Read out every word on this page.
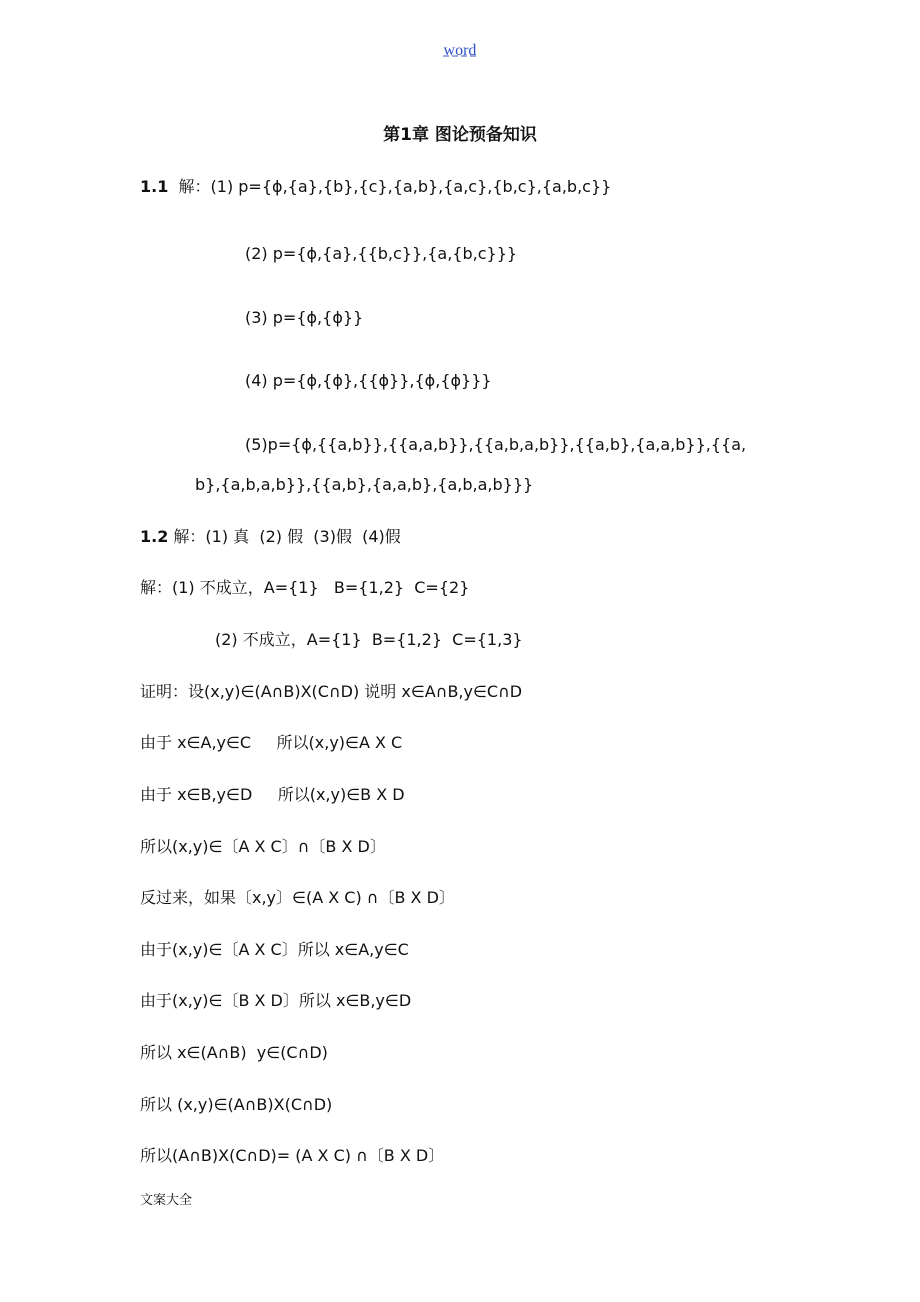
word
第1章 图论预备知识

1.1  解：(1) p={ϕ,{a},{b},{c},{a,b},{a,c},{b,c},{a,b,c}}

(2) p={ϕ,{a},{{b,c}},{a,{b,c}}}

(3) p={ϕ,{ϕ}}

(4) p={ϕ,{ϕ},{{ϕ}},{ϕ,{ϕ}}}

(5)p={ϕ,{{a,b}},{{a,a,b}},{{a,b,a,b}},{{a,b},{a,a,b}},{{a,

b},{a,b,a,b}},{{a,b},{a,a,b},{a,b,a,b}}}

1.2 解：(1) 真  (2) 假  (3)假  (4)假

解：(1) 不成立，A={1}   B={1,2}  C={2}

(2) 不成立，A={1}  B={1,2}  C={1,3}

证明：设(x,y)∈(A∩B)X(C∩D) 说明 x∈A∩B,y∈C∩D

由于 x∈A,y∈C     所以(x,y)∈A X C

由于 x∈B,y∈D     所以(x,y)∈B X D

所以(x,y)∈〔A X C〕∩〔B X D〕

反过来，如果〔x,y〕∈(A X C) ∩〔B X D〕

由于(x,y)∈〔A X C〕所以 x∈A,y∈C

由于(x,y)∈〔B X D〕所以 x∈B,y∈D

所以 x∈(A∩B)  y∈(C∩D)

所以 (x,y)∈(A∩B)X(C∩D)

所以(A∩B)X(C∩D)= (A X C) ∩〔B X D〕

文案大全
